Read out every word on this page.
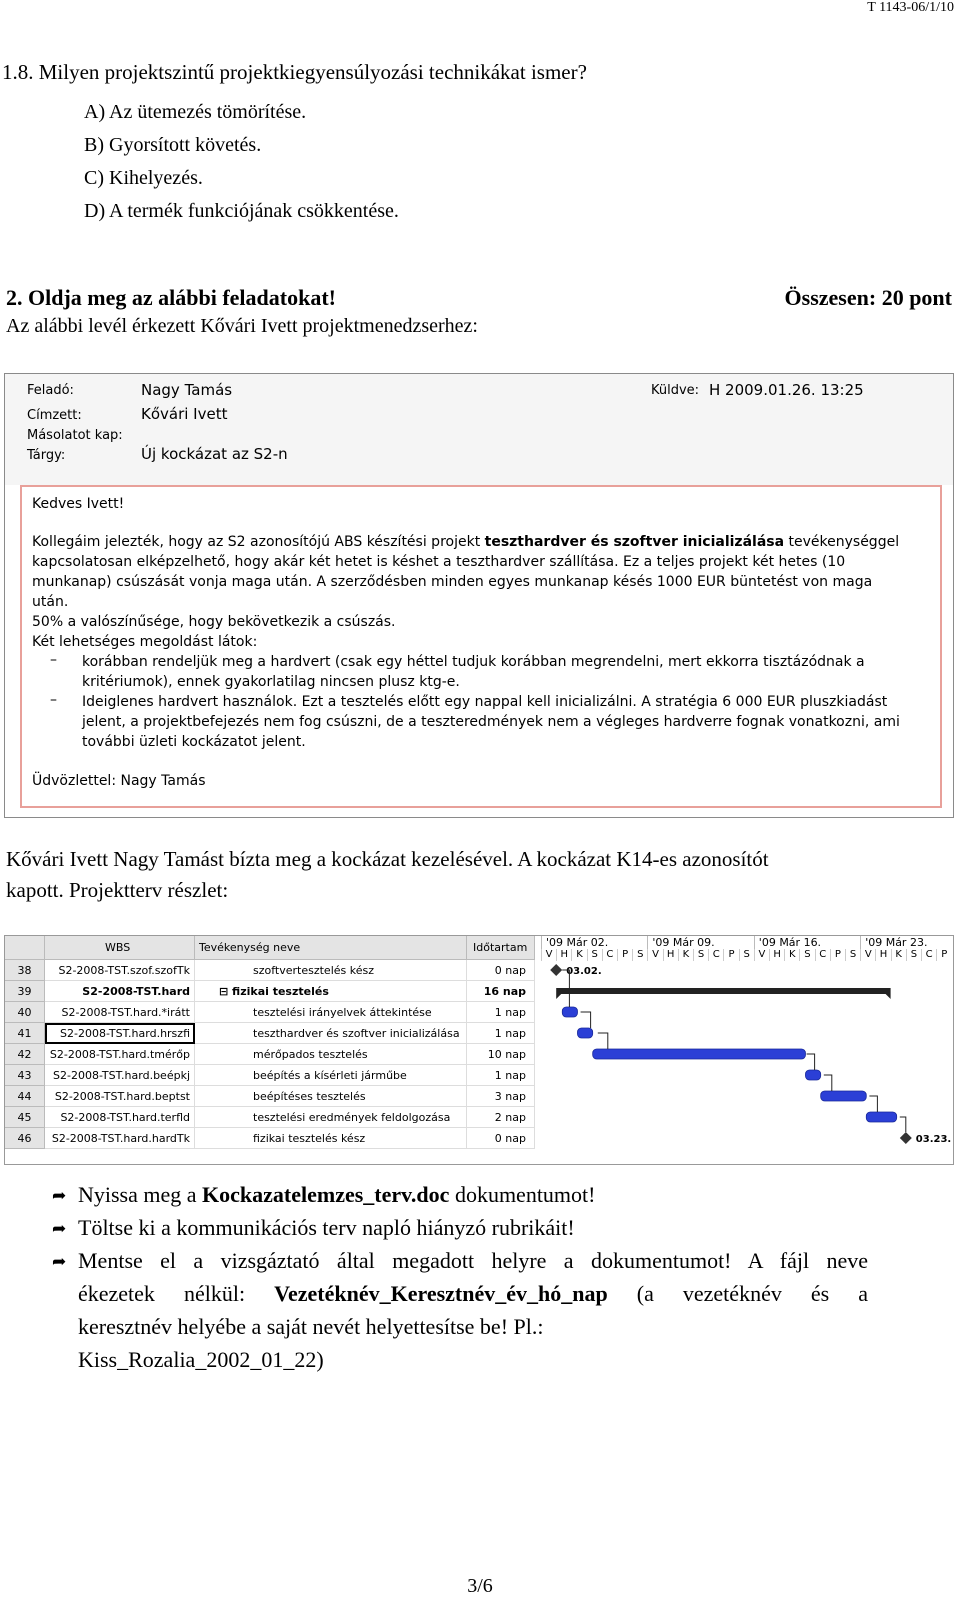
T 1143-06/1/10
1.8. Milyen projektszintű projektkiegyensúlyozási technikákat ismer?
A) Az ütemezés tömörítése.
B) Gyorsított követés.
C) Kihelyezés.
D) A termék funkciójának csökkentése.
2. Oldja meg az alábbi feladatokat!	Összesen: 20 pont
Az alábbi levél érkezett Kővári Ivett projektmenedzserhez:
Feladó:	Nagy Tamás
Címzett:	Kővári Ivett
Másolatot kap:
Tárgy:	Új kockázat az S2-n
Küldve: H 2009.01.26. 13:25
Kedves Ivett!
Kollegáim jelezték, hogy az S2 azonosítójú ABS készítési projekt teszthardver és szoftver inicializálása tevékenységgel
kapcsolatosan elképzelhető, hogy akár két hetet is késhet a teszthardver szállítása. Ez a teljes projekt két hetes (10
munkanap) csúszását vonja maga után. A szerződésben minden egyes munkanap késés 1000 EUR büntetést von maga
után.
50% a valószínűsége, hogy bekövetkezik a csúszás.
Két lehetséges megoldást látok:
– korábban rendeljük meg a hardvert (csak egy héttel tudjuk korábban megrendelni, mert ekkorra tisztázódnak a
kritériumok), ennek gyakorlatilag nincsen plusz ktg-e.
– Ideiglenes hardvert használok. Ezt a tesztelés előtt egy nappal kell inicializálni. A stratégia 6 000 EUR pluszkiadást
jelent, a projektbefejezés nem fog csúszni, de a teszteredmények nem a végleges hardverre fognak vonatkozni, ami
további üzleti kockázatot jelent.
Üdvözlettel: Nagy Tamás
Kővári Ivett Nagy Tamást bízta meg a kockázat kezelésével. A kockázat K14-es azonosítót
kapott. Projektterv részlet:
WBS	Tevékenység neve	Időtartam
38	S2-2008-TST.szof.szofTk	szoftvertesztelés kész	0 nap
39	S2-2008-TST.hard	⊟ fizikai tesztelés	16 nap
40	S2-2008-TST.hard.*irátt	tesztelési irányelvek áttekintése	1 nap
41	S2-2008-TST.hard.hrszfi	teszthardver és szoftver inicializálása	1 nap
42	S2-2008-TST.hard.tmérőp	mérőpados tesztelés	10 nap
43	S2-2008-TST.hard.beépkj	beépítés a kísérleti járműbe	1 nap
44	S2-2008-TST.hard.beptst	beépítéses tesztelés	3 nap
45	S2-2008-TST.hard.terfld	tesztelési eredmények feldolgozása	2 nap
46	S2-2008-TST.hard.hardTk	fizikai tesztelés kész	0 nap
'09 Már 02.	'09 Már 09.	'09 Már 16.	'09 Már 23.
V H K S C P S V H K S C P S V H K S C P S V H K S C P
03.02.
03.23.
➦ Nyissa meg a Kockazatelemzes_terv.doc dokumentumot!
➦ Töltse ki a kommunikációs terv napló hiányzó rubrikáit!
➦ Mentse el a vizsgáztató által megadott helyre a dokumentumot! A fájl neve
ékezetek nélkül: Vezetéknév_Keresztnév_év_hó_nap (a vezetéknév és a
keresztnév helyébe a saját nevét helyettesítse be! Pl.:
Kiss_Rozalia_2002_01_22)
3/6
